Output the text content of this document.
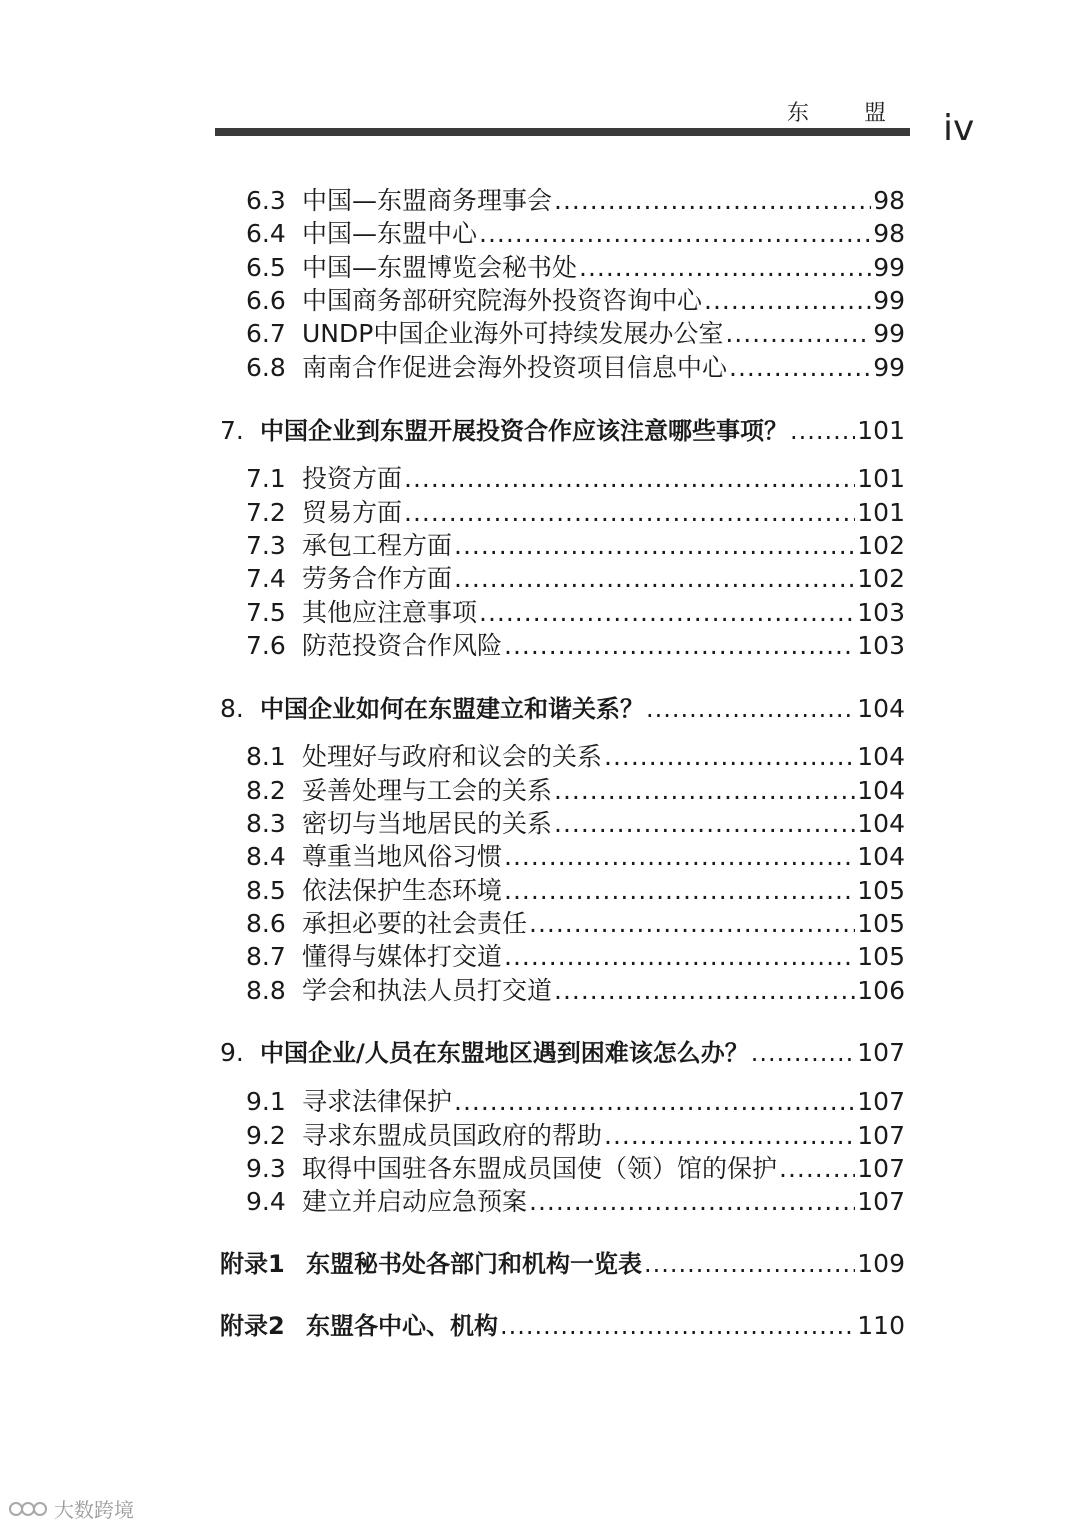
东 盟 iv
6.3 中国—东盟商务理事会 .....	98
6.4 中国—东盟中心 .....	98
6.5 中国—东盟博览会秘书处 .....	99
6.6 中国商务部研究院海外投资咨询中心 .....	99
6.7 UNDP中国企业海外可持续发展办公室 .....	99
6.8 南南合作促进会海外投资项目信息中心 .....	99
7. 中国企业到东盟开展投资合作应该注意哪些事项？ .....	101
7.1 投资方面 .....	101
7.2 贸易方面 .....	101
7.3 承包工程方面 .....	102
7.4 劳务合作方面 .....	102
7.5 其他应注意事项 .....	103
7.6 防范投资合作风险 .....	103
8. 中国企业如何在东盟建立和谐关系？ .....	104
8.1 处理好与政府和议会的关系 .....	104
8.2 妥善处理与工会的关系 .....	104
8.3 密切与当地居民的关系 .....	104
8.4 尊重当地风俗习惯 .....	104
8.5 依法保护生态环境 .....	105
8.6 承担必要的社会责任 .....	105
8.7 懂得与媒体打交道 .....	105
8.8 学会和执法人员打交道 .....	106
9. 中国企业/人员在东盟地区遇到困难该怎么办？ .....	107
9.1 寻求法律保护 .....	107
9.2 寻求东盟成员国政府的帮助 .....	107
9.3 取得中国驻各东盟成员国使（领）馆的保护 .....	107
9.4 建立并启动应急预案 .....	107
附录1 东盟秘书处各部门和机构一览表 .....	109
附录2 东盟各中心、机构 .....	110
大数跨境
